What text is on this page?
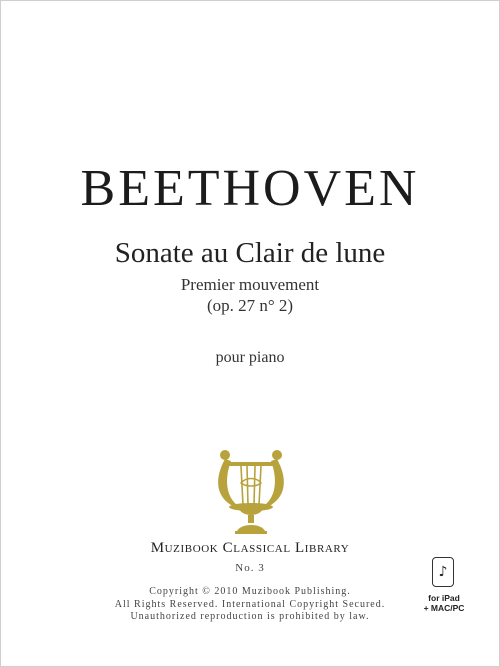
BEETHOVEN
Sonate au Clair de lune
Premier mouvement
(op. 27 n° 2)
pour piano
Muzibook Classical Library
No. 3
Copyright © 2010 Muzibook Publishing.
All Rights Reserved. International Copyright Secured.
Unauthorized reproduction is prohibited by law.
♪
for iPad
+ MAC/PC
